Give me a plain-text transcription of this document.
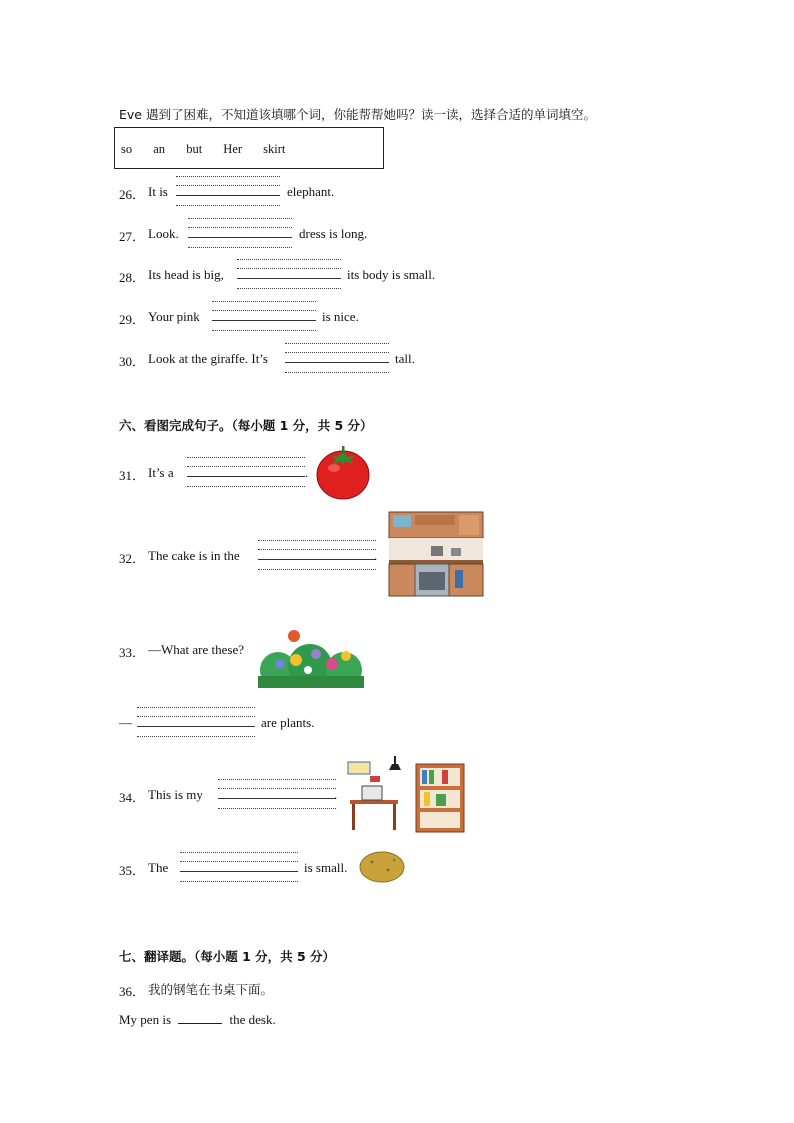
Eve 遇到了困难，不知道该填哪个词，你能帮帮她吗？读一读，选择合适的单词填空。
so an but Her skirt
26． It is	elephant.
27． Look.	dress is long.
28． Its head is big,	its body is small.
29． Your pink	is nice.
30． Look at the giraffe. It’s	tall.
六、看图完成句子。（每小题 1 分，共 5 分）
31． It’s a	.
32． The cake is in the	.
33． —What are these?
—	are plants.
34． This is my	.
35． The	is small.
七、翻译题。（每小题 1 分，共 5 分）
36． 我的钢笔在书桌下面。
My pen is	the desk.
